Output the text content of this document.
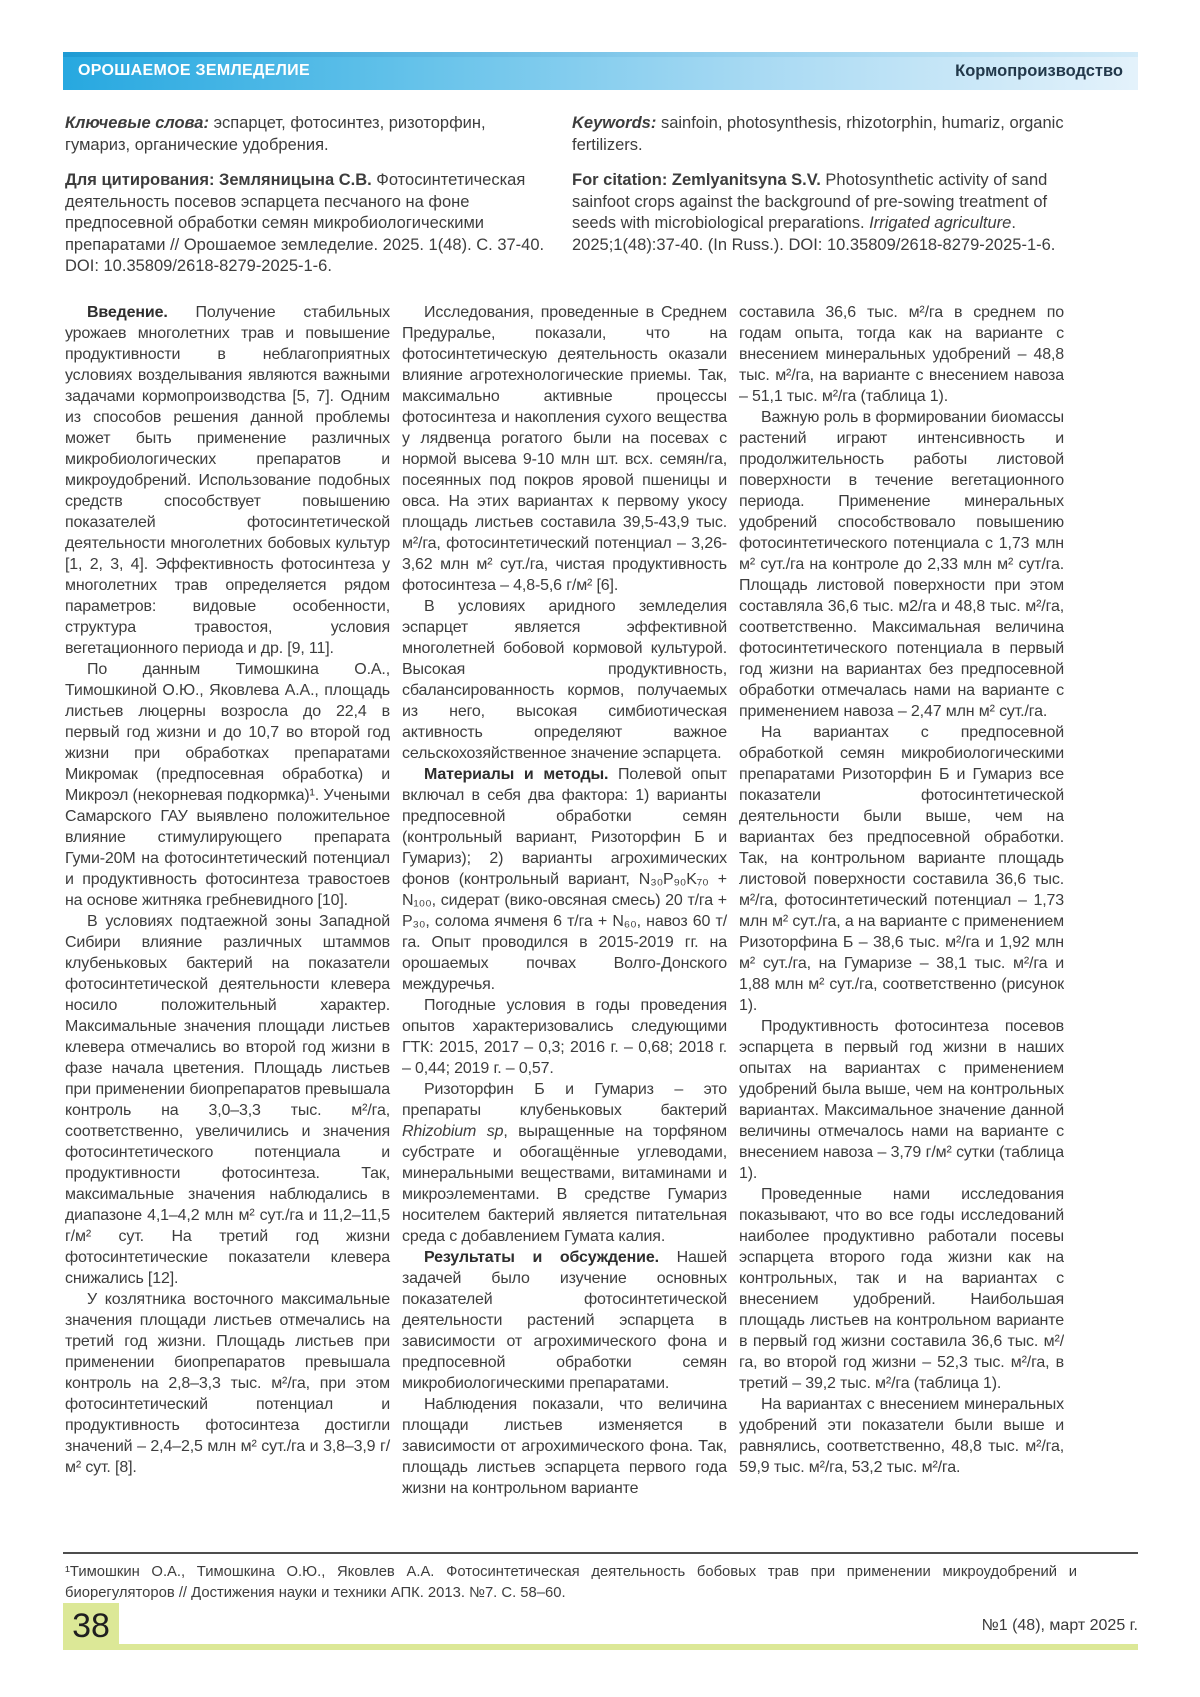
ОРОШАЕМОЕ ЗЕМЛЕДЕЛИЕ	Кормопроизводство

Ключевые слова: эспарцет, фотосинтез, ризоторфин, гумариз, органические удобрения.

Для цитирования: Земляницына С.В. Фотосинтетическая деятельность посевов эспарцета песчаного на фоне предпосевной обработки семян микробиологическими препаратами // Орошаемое земледелие. 2025. 1(48). С. 37-40. DOI: 10.35809/2618-8279-2025-1-6.

Keywords: sainfoin, photosynthesis, rhizotorphin, humariz, organic fertilizers.

For citation: Zemlyanitsyna S.V. Photosynthetic activity of sand sainfoot crops against the background of pre-sowing treatment of seeds with microbiological preparations. Irrigated agriculture. 2025;1(48):37-40. (In Russ.). DOI: 10.35809/2618-8279-2025-1-6.

Введение. Получение стабильных урожаев многолетних трав и повышение продуктивности в неблагоприятных условиях возделывания являются важными задачами кормопроизводства [5, 7]. Одним из способов решения данной проблемы может быть применение различных микробиологических препаратов и микроудобрений. Использование подобных средств способствует повышению показателей фотосинтетической деятельности многолетних бобовых культур [1, 2, 3, 4]. Эффективность фотосинтеза у многолетних трав определяется рядом параметров: видовые особенности, структура травостоя, условия вегетационного периода и др. [9, 11].

По данным Тимошкина О.А., Тимошкиной О.Ю., Яковлева А.А., площадь листьев люцерны возросла до 22,4 в первый год жизни и до 10,7 во второй год жизни при обработках препаратами Микромак (предпосевная обработка) и Микроэл (некорневая подкормка)¹. Учеными Самарского ГАУ выявлено положительное влияние стимулирующего препарата Гуми-20М на фотосинтетический потенциал и продуктивность фотосинтеза травостоев на основе житняка гребневидного [10].

В условиях подтаежной зоны Западной Сибири влияние различных штаммов клубеньковых бактерий на показатели фотосинтетической деятельности клевера носило положительный характер. Максимальные значения площади листьев клевера отмечались во второй год жизни в фазе начала цветения. Площадь листьев при применении биопрепаратов превышала контроль на 3,0–3,3 тыс. м²/га, соответственно, увеличились и значения фотосинтетического потенциала и продуктивности фотосинтеза. Так, максимальные значения наблюдались в диапазоне 4,1–4,2 млн м² сут./га и 11,2–11,5 г/м² сут. На третий год жизни фотосинтетические показатели клевера снижались [12].

У козлятника восточного максимальные значения площади листьев отмечались на третий год жизни. Площадь листьев при применении биопрепаратов превышала контроль на 2,8–3,3 тыс. м²/га, при этом фотосинтетический потенциал и продуктивность фотосинтеза достигли значений – 2,4–2,5 млн м² сут./га и 3,8–3,9 г/м² сут. [8].

Исследования, проведенные в Среднем Предуралье, показали, что на фотосинтетическую деятельность оказали влияние агротехнологические приемы. Так, максимально активные процессы фотосинтеза и накопления сухого вещества у лядвенца рогатого были на посевах с нормой высева 9-10 млн шт. всх. семян/га, посеянных под покров яровой пшеницы и овса. На этих вариантах к первому укосу площадь листьев составила 39,5-43,9 тыс. м²/га, фотосинтетический потенциал – 3,26-3,62 млн м² сут./га, чистая продуктивность фотосинтеза – 4,8-5,6 г/м² [6].

В условиях аридного земледелия эспарцет является эффективной многолетней бобовой кормовой культурой. Высокая продуктивность, сбалансированность кормов, получаемых из него, высокая симбиотическая активность определяют важное сельскохозяйственное значение эспарцета.

Материалы и методы. Полевой опыт включал в себя два фактора: 1) варианты предпосевной обработки семян (контрольный вариант, Ризоторфин Б и Гумариз); 2) варианты агрохимических фонов (контрольный вариант, N₃₀P₉₀K₇₀ + N₁₀₀, сидерат (вико-овсяная смесь) 20 т/га + P₃₀, солома ячменя 6 т/га + N₆₀, навоз 60 т/га. Опыт проводился в 2015-2019 гг. на орошаемых почвах Волго-Донского междуречья.

Погодные условия в годы проведения опытов характеризовались следующими ГТК: 2015, 2017 – 0,3; 2016 г. – 0,68; 2018 г. – 0,44; 2019 г. – 0,57.

Ризоторфин Б и Гумариз – это препараты клубеньковых бактерий Rhizobium sp, выращенные на торфяном субстрате и обогащённые углеводами, минеральными веществами, витаминами и микроэлементами. В средстве Гумариз носителем бактерий является питательная среда с добавлением Гумата калия.

Результаты и обсуждение. Нашей задачей было изучение основных показателей фотосинтетической деятельности растений эспарцета в зависимости от агрохимического фона и предпосевной обработки семян микробиологическими препаратами.

Наблюдения показали, что величина площади листьев изменяется в зависимости от агрохимического фона. Так, площадь листьев эспарцета первого года жизни на контрольном варианте

составила 36,6 тыс. м²/га в среднем по годам опыта, тогда как на варианте с внесением минеральных удобрений – 48,8 тыс. м²/га, на варианте с внесением навоза – 51,1 тыс. м²/га (таблица 1).

Важную роль в формировании биомассы растений играют интенсивность и продолжительность работы листовой поверхности в течение вегетационного периода. Применение минеральных удобрений способствовало повышению фотосинтетического потенциала с 1,73 млн м² сут./га на контроле до 2,33 млн м² сут/га. Площадь листовой поверхности при этом составляла 36,6 тыс. м2/га и 48,8 тыс. м²/га, соответственно. Максимальная величина фотосинтетического потенциала в первый год жизни на вариантах без предпосевной обработки отмечалась нами на варианте с применением навоза – 2,47 млн м² сут./га.

На вариантах с предпосевной обработкой семян микробиологическими препаратами Ризоторфин Б и Гумариз все показатели фотосинтетической деятельности были выше, чем на вариантах без предпосевной обработки. Так, на контрольном варианте площадь листовой поверхности составила 36,6 тыс. м²/га, фотосинтетический потенциал – 1,73 млн м² сут./га, а на варианте с применением Ризоторфина Б – 38,6 тыс. м²/га и 1,92 млн м² сут./га, на Гумаризе – 38,1 тыс. м²/га и 1,88 млн м² сут./га, соответственно (рисунок 1).

Продуктивность фотосинтеза посевов эспарцета в первый год жизни в наших опытах на вариантах с применением удобрений была выше, чем на контрольных вариантах. Максимальное значение данной величины отмечалось нами на варианте с внесением навоза – 3,79 г/м² сутки (таблица 1).

Проведенные нами исследования показывают, что во все годы исследований наиболее продуктивно работали посевы эспарцета второго года жизни как на контрольных, так и на вариантах с внесением удобрений. Наибольшая площадь листьев на контрольном варианте в первый год жизни составила 36,6 тыс. м²/га, во второй год жизни – 52,3 тыс. м²/га, в третий – 39,2 тыс. м²/га (таблица 1).

На вариантах с внесением минеральных удобрений эти показатели были выше и равнялись, соответственно, 48,8 тыс. м²/га, 59,9 тыс. м²/га, 53,2 тыс. м²/га.

¹Тимошкин О.А., Тимошкина О.Ю., Яковлев А.А. Фотосинтетическая деятельность бобовых трав при применении микроудобрений и биорегуляторов // Достижения науки и техники АПК. 2013. №7. С. 58–60.

38	№1 (48), март 2025 г.
